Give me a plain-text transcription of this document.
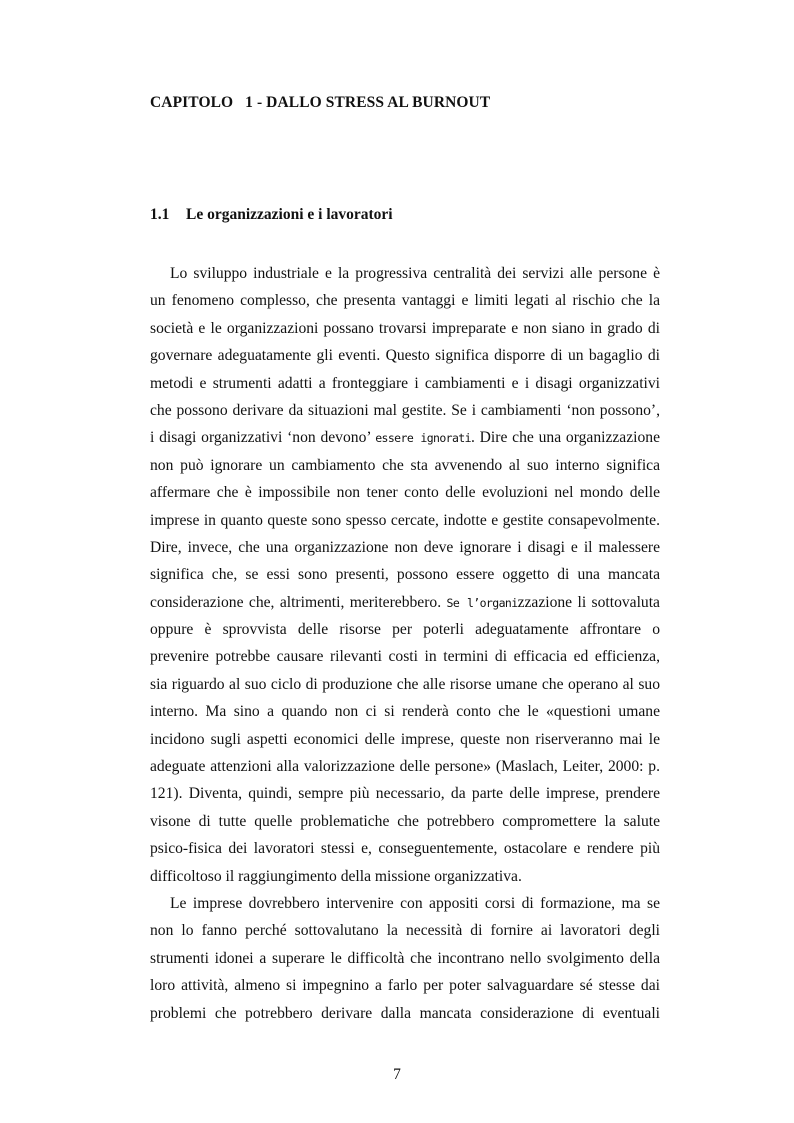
CAPITOLO   1 - DALLO STRESS AL BURNOUT
1.1 Le organizzazioni e i lavoratori
Lo sviluppo industriale e la progressiva centralità dei servizi alle persone è
un fenomeno complesso, che presenta vantaggi e limiti legati al rischio che la
società e le organizzazioni possano trovarsi impreparate e non siano in grado di
governare adeguatamente gli eventi. Questo significa disporre di un bagaglio di
metodi e strumenti adatti a fronteggiare i cambiamenti e i disagi organizzativi
che possono derivare da situazioni mal gestite. Se i cambiamenti ‘non possono’,
i disagi organizzativi ‘non devono’ essere ignorati. Dire che una organizzazione
non può ignorare un cambiamento che sta avvenendo al suo interno significa
affermare che è impossibile non tener conto delle evoluzioni nel mondo delle
imprese in quanto queste sono spesso cercate, indotte e gestite consapevolmente.
Dire, invece, che una organizzazione non deve ignorare i disagi e il malessere
significa che, se essi sono presenti, possono essere oggetto di una mancata
considerazione che, altrimenti, meriterebbero. Se l’organizzazione li sottovaluta
oppure è sprovvista delle risorse per poterli adeguatamente affrontare o
prevenire potrebbe causare rilevanti costi in termini di efficacia ed efficienza,
sia riguardo al suo ciclo di produzione che alle risorse umane che operano al suo
interno. Ma sino a quando non ci si renderà conto che le «questioni umane
incidono sugli aspetti economici delle imprese, queste non riserveranno mai le
adeguate attenzioni alla valorizzazione delle persone» (Maslach, Leiter, 2000: p.
121). Diventa, quindi, sempre più necessario, da parte delle imprese, prendere
visone di tutte quelle problematiche che potrebbero compromettere la salute
psico-fisica dei lavoratori stessi e, conseguentemente, ostacolare e rendere più
difficoltoso il raggiungimento della missione organizzativa.
Le imprese dovrebbero intervenire con appositi corsi di formazione, ma se
non lo fanno perché sottovalutano la necessità di fornire ai lavoratori degli
strumenti idonei a superare le difficoltà che incontrano nello svolgimento della
loro attività, almeno si impegnino a farlo per poter salvaguardare sé stesse dai
problemi che potrebbero derivare dalla mancata considerazione di eventuali
7
